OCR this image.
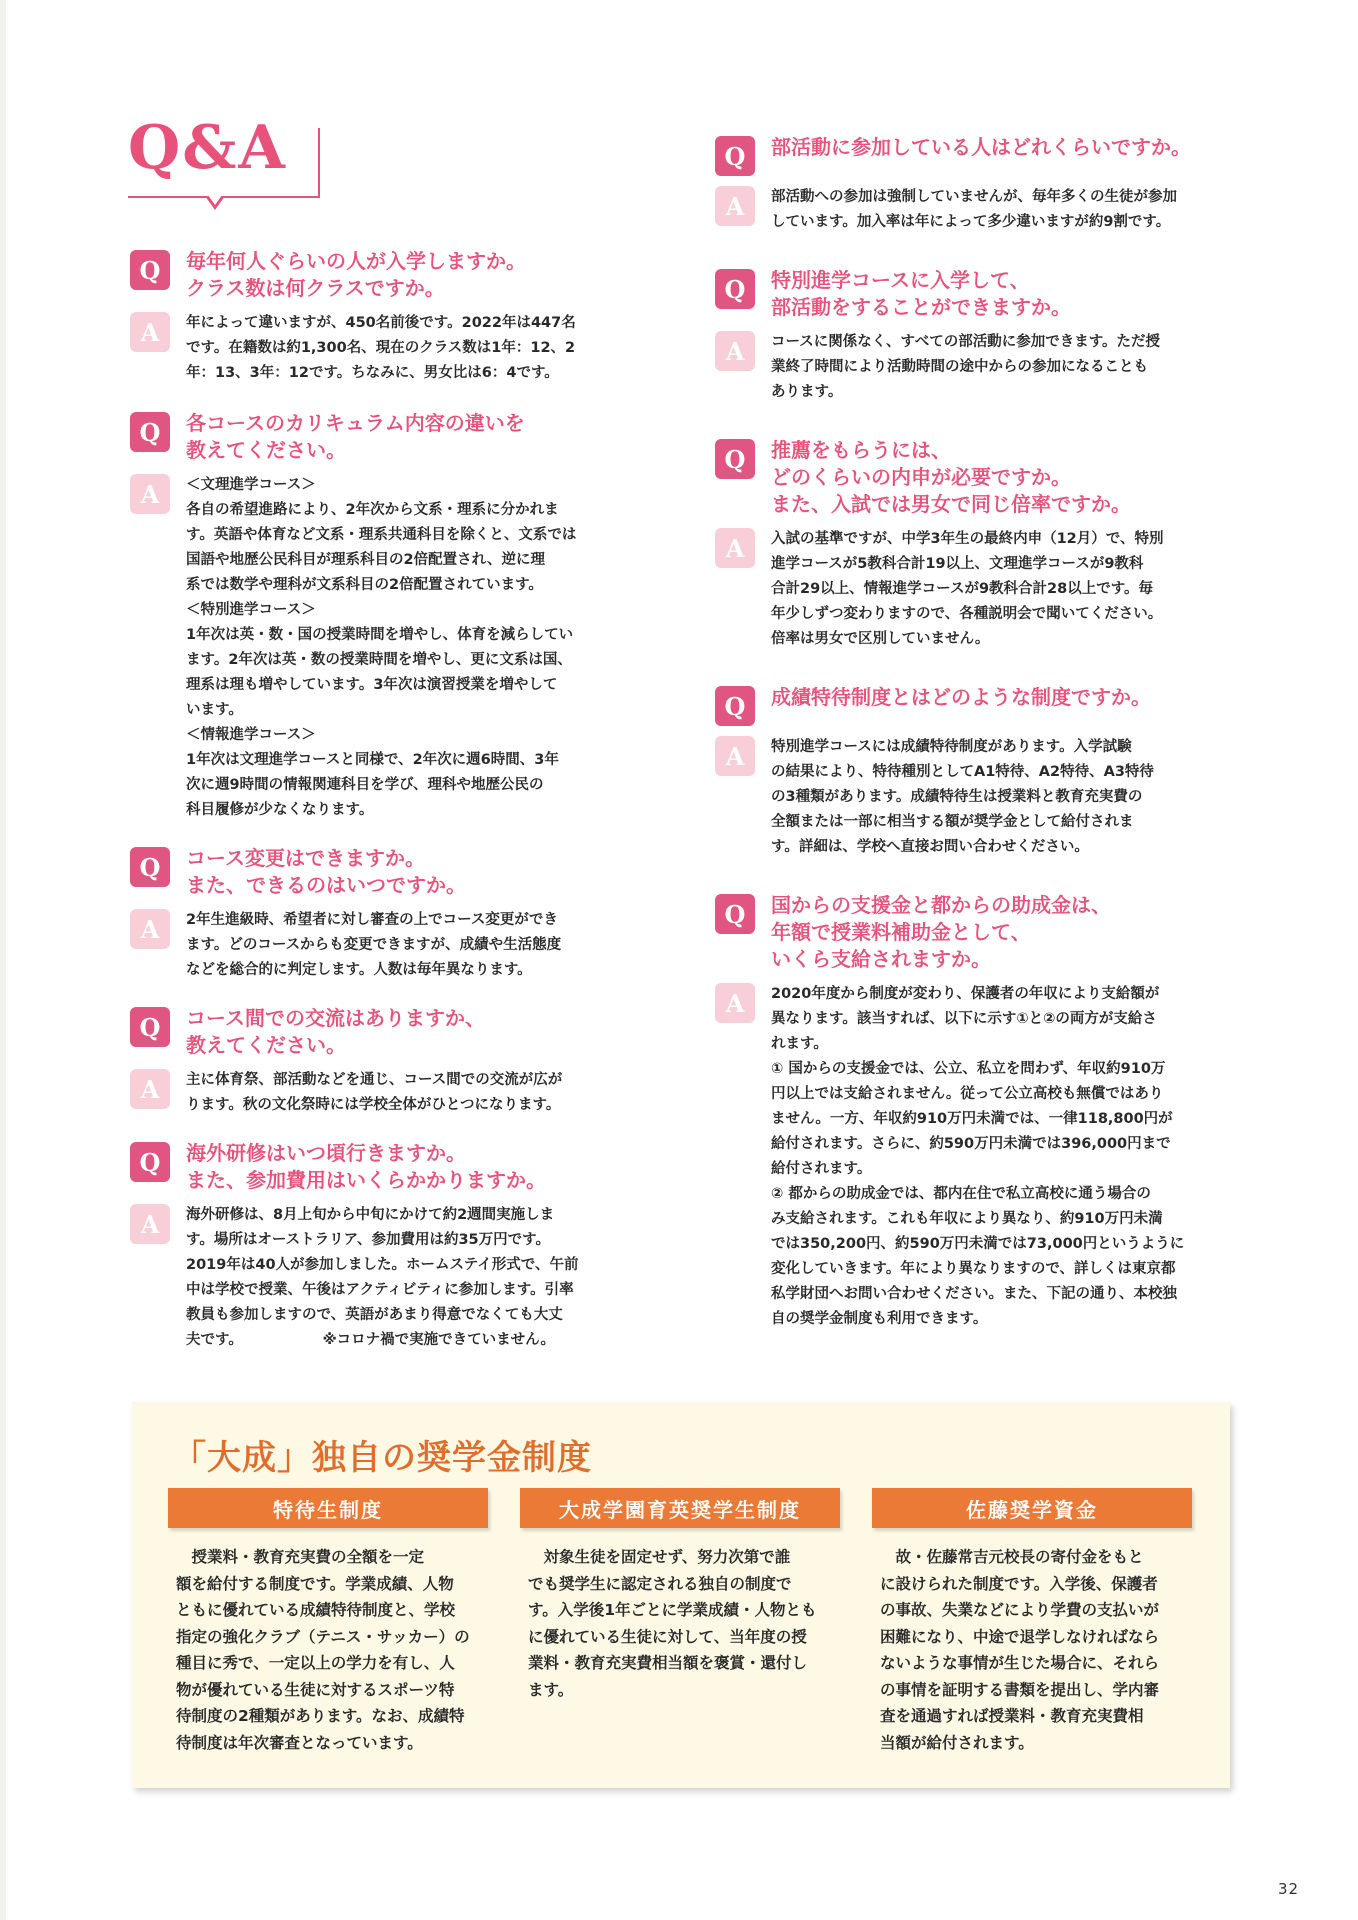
Q&A
Q	毎年何人ぐらいの人が入学しますか。
クラス数は何クラスですか。
A	年によって違いますが、450名前後です。2022年は447名
です。在籍数は約1,300名、現在のクラス数は1年：12、2
年：13、3年：12です。ちなみに、男女比は6：4です。
Q	各コースのカリキュラム内容の違いを
教えてください。
A	＜文理進学コース＞
各自の希望進路により、2年次から文系・理系に分かれま
す。英語や体育など文系・理系共通科目を除くと、文系では
国語や地歴公民科目が理系科目の2倍配置され、逆に理
系では数学や理科が文系科目の2倍配置されています。
＜特別進学コース＞
1年次は英・数・国の授業時間を増やし、体育を減らしてい
ます。2年次は英・数の授業時間を増やし、更に文系は国、
理系は理も増やしています。3年次は演習授業を増やして
います。
＜情報進学コース＞
1年次は文理進学コースと同様で、2年次に週6時間、3年
次に週9時間の情報関連科目を学び、理科や地歴公民の
科目履修が少なくなります。
Q	コース変更はできますか。
また、できるのはいつですか。
A	2年生進級時、希望者に対し審査の上でコース変更ができ
ます。どのコースからも変更できますが、成績や生活態度
などを総合的に判定します。人数は毎年異なります。
Q	コース間での交流はありますか、
教えてください。
A	主に体育祭、部活動などを通じ、コース間での交流が広が
ります。秋の文化祭時には学校全体がひとつになります。
Q	海外研修はいつ頃行きますか。
また、参加費用はいくらかかりますか。
A	海外研修は、8月上旬から中旬にかけて約2週間実施しま
す。場所はオーストラリア、参加費用は約35万円です。
2019年は40人が参加しました。ホームステイ形式で、午前
中は学校で授業、午後はアクティビティに参加します。引率
教員も参加しますので、英語があまり得意でなくても大丈
夫です。　　　　　　※コロナ禍で実施できていません。
Q	部活動に参加している人はどれくらいですか。
A	部活動への参加は強制していませんが、毎年多くの生徒が参加
しています。加入率は年によって多少違いますが約9割です。
Q	特別進学コースに入学して、
部活動をすることができますか。
A	コースに関係なく、すべての部活動に参加できます。ただ授
業終了時間により活動時間の途中からの参加になることも
あります。
Q	推薦をもらうには、
どのくらいの内申が必要ですか。
また、入試では男女で同じ倍率ですか。
A	入試の基準ですが、中学3年生の最終内申（12月）で、特別
進学コースが5教科合計19以上、文理進学コースが9教科
合計29以上、情報進学コースが9教科合計28以上です。毎
年少しずつ変わりますので、各種説明会で聞いてください。
倍率は男女で区別していません。
Q	成績特待制度とはどのような制度ですか。
A	特別進学コースには成績特待制度があります。入学試験
の結果により、特待種別としてA1特待、A2特待、A3特待
の3種類があります。成績特待生は授業料と教育充実費の
全額または一部に相当する額が奨学金として給付されま
す。詳細は、学校へ直接お問い合わせください。
Q	国からの支援金と都からの助成金は、
年額で授業料補助金として、
いくら支給されますか。
A	2020年度から制度が変わり、保護者の年収により支給額が
異なります。該当すれば、以下に示す①と②の両方が支給さ
れます。
① 国からの支援金では、公立、私立を問わず、年収約910万
円以上では支給されません。従って公立高校も無償ではあり
ません。一方、年収約910万円未満では、一律118,800円が
給付されます。さらに、約590万円未満では396,000円まで
給付されます。
② 都からの助成金では、都内在住で私立高校に通う場合の
み支給されます。これも年収により異なり、約910万円未満
では350,200円、約590万円未満では73,000円というように
変化していきます。年により異なりますので、詳しくは東京都
私学財団へお問い合わせください。また、下記の通り、本校独
自の奨学金制度も利用できます。
「大成」独自の奨学金制度
特待生制度
　授業料・教育充実費の全額を一定
額を給付する制度です。学業成績、人物
ともに優れている成績特待制度と、学校
指定の強化クラブ（テニス・サッカー）の
種目に秀で、一定以上の学力を有し、人
物が優れている生徒に対するスポーツ特
待制度の2種類があります。なお、成績特
待制度は年次審査となっています。
大成学園育英奨学生制度
　対象生徒を固定せず、努力次第で誰
でも奨学生に認定される独自の制度で
す。入学後1年ごとに学業成績・人物とも
に優れている生徒に対して、当年度の授
業料・教育充実費相当額を褒賞・還付し
ます。
佐藤奨学資金
　故・佐藤常吉元校長の寄付金をもと
に設けられた制度です。入学後、保護者
の事故、失業などにより学費の支払いが
困難になり、中途で退学しなければなら
ないような事情が生じた場合に、それら
の事情を証明する書類を提出し、学内審
査を通過すれば授業料・教育充実費相
当額が給付されます。
32
